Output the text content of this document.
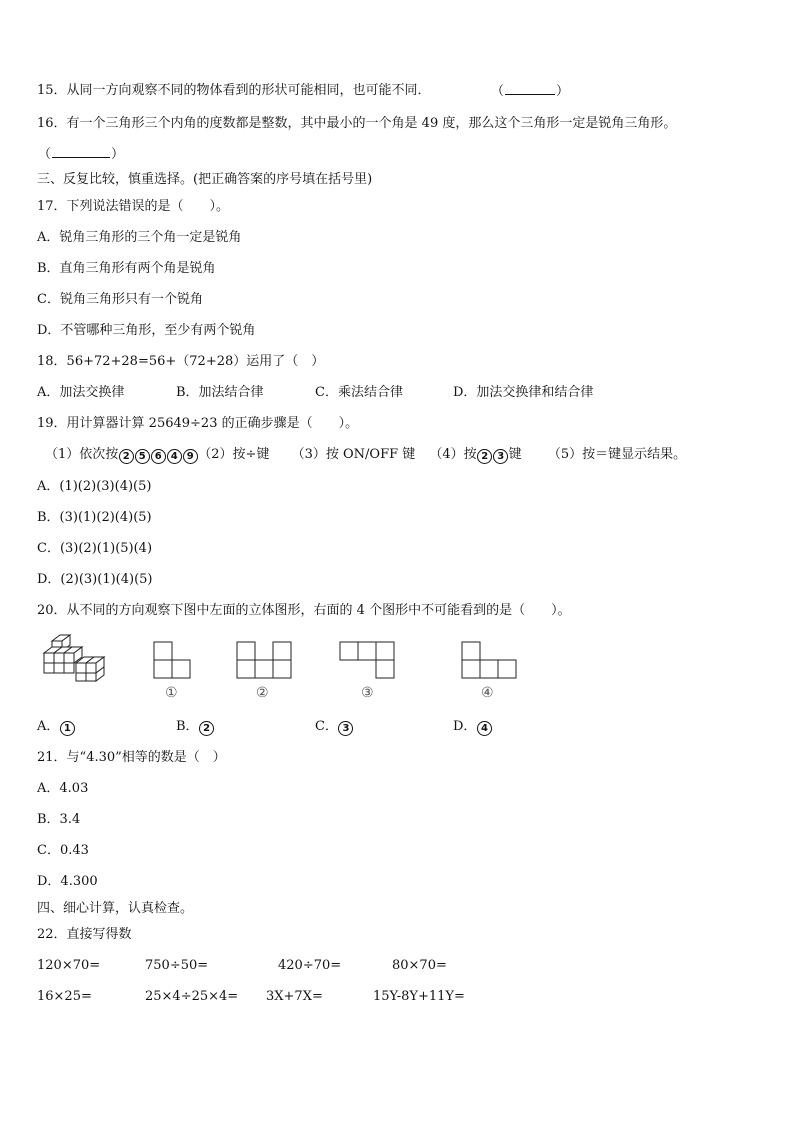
15．从同一方向观察不同的物体看到的形状可能相同，也可能不同．	（	）
16．有一个三角形三个内角的度数都是整数，其中最小的一个角是 49 度，那么这个三角形一定是锐角三角形。
（	）
三、反复比较，慎重选择。(把正确答案的序号填在括号里)
17．下列说法错误的是（　　）。
A．锐角三角形的三个角一定是锐角
B．直角三角形有两个角是锐角
C．锐角三角形只有一个锐角
D．不管哪种三角形，至少有两个锐角
18．56+72+28=56+（72+28）运用了（　）
A．加法交换律	B．加法结合律	C．乘法结合律	D．加法交换律和结合律
19．用计算器计算 25649÷23 的正确步骤是（　　）。
（1）依次按 2 5 6 4 9 （2）按÷键 （3）按 ON/OFF 键 （4）按 2 3 键 （5）按＝键显示结果。
A．(1)(2)(3)(4)(5)
B．(3)(1)(2)(4)(5)
C．(3)(2)(1)(5)(4)
D．(2)(3)(1)(4)(5)
20．从不同的方向观察下图中左面的立体图形，右面的 4 个图形中不可能看到的是（　　）。
①	②	③	④
A． 1	B． 2	C． 3	D． 4
21．与“4.30”相等的数是（　）
A．4.03
B．3.4
C．0.43
D．4.300
四、细心计算，认真检查。
22．直接写得数
120×70=	750÷50=	420÷70=	80×70=
16×25=	25×4÷25×4= 3X+7X=	15Y-8Y+11Y=
